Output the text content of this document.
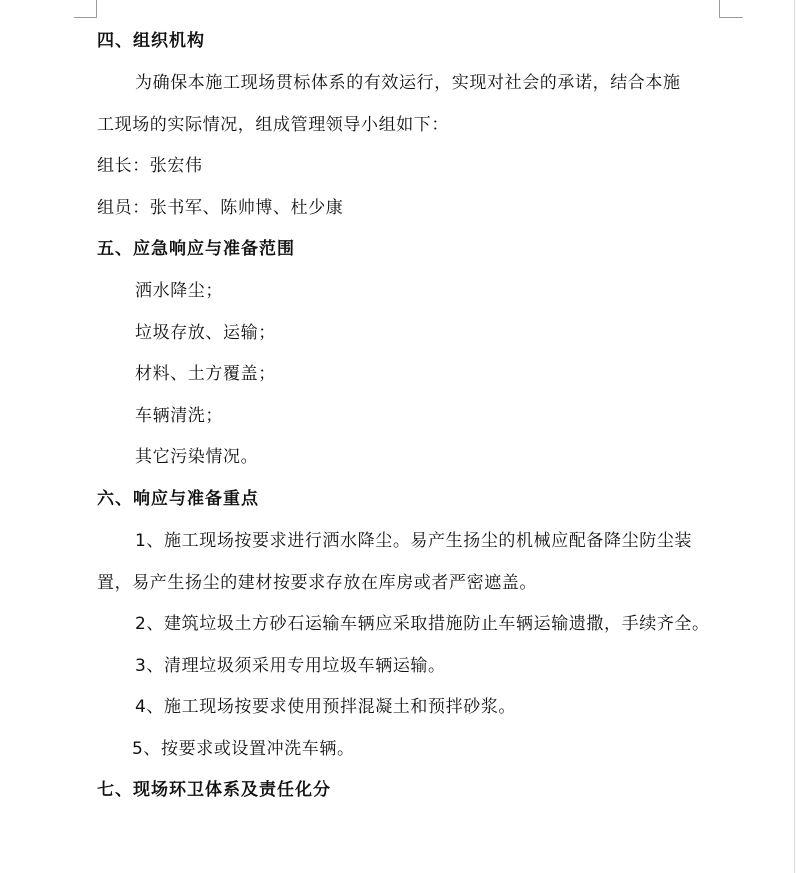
四、组织机构
为确保本施工现场贯标体系的有效运行，实现对社会的承诺，结合本施
工现场的实际情况，组成管理领导小组如下：
组长：张宏伟
组员：张书军、陈帅博、杜少康
五、应急响应与准备范围
洒水降尘；
垃圾存放、运输；
材料、土方覆盖；
车辆清洗；
其它污染情况。
六、响应与准备重点
1、施工现场按要求进行洒水降尘。易产生扬尘的机械应配备降尘防尘装
置，易产生扬尘的建材按要求存放在库房或者严密遮盖。
2、建筑垃圾土方砂石运输车辆应采取措施防止车辆运输遗撒，手续齐全。
3、清理垃圾须采用专用垃圾车辆运输。
4、施工现场按要求使用预拌混凝土和预拌砂浆。
5、按要求或设置冲洗车辆。
七、现场环卫体系及责任化分
